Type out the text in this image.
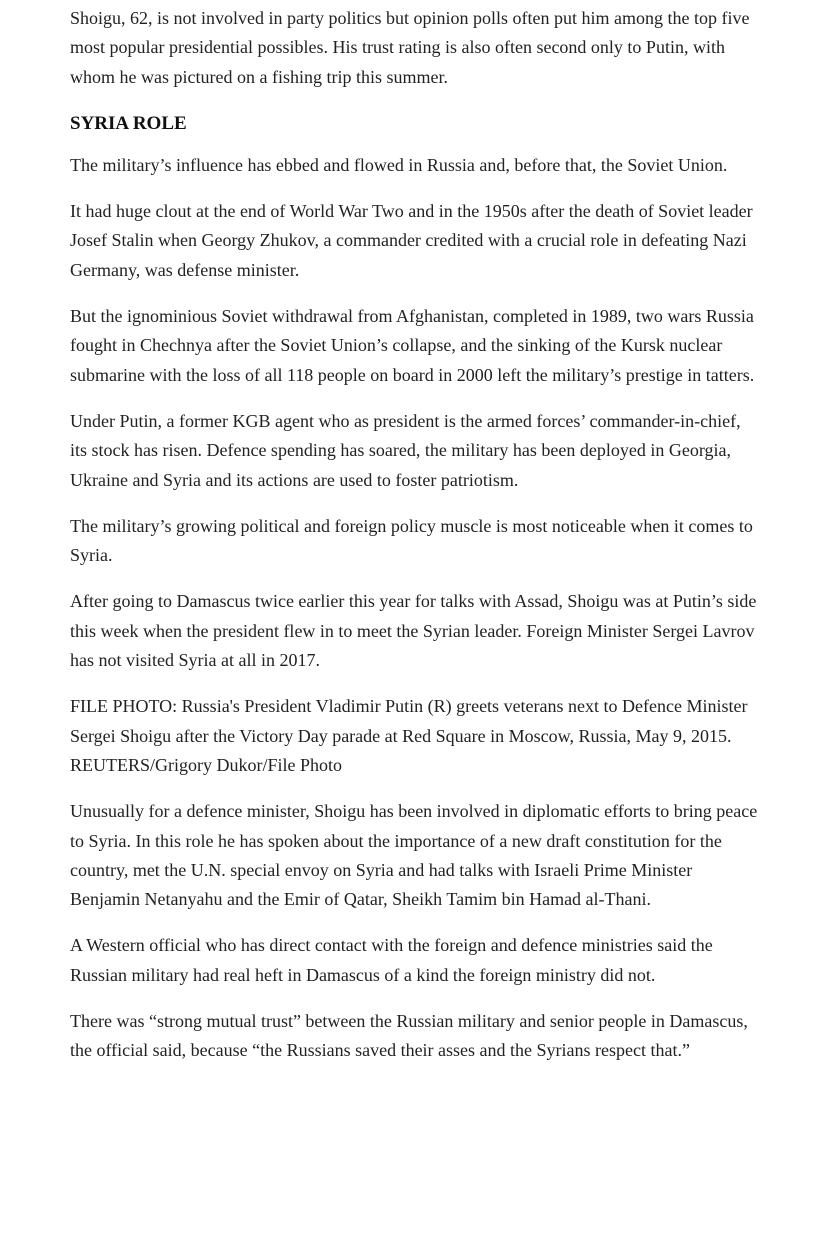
Shoigu, 62, is not involved in party politics but opinion polls often put him among the top five most popular presidential possibles. His trust rating is also often second only to Putin, with whom he was pictured on a fishing trip this summer.

SYRIA ROLE

The military’s influence has ebbed and flowed in Russia and, before that, the Soviet Union.

It had huge clout at the end of World War Two and in the 1950s after the death of Soviet leader Josef Stalin when Georgy Zhukov, a commander credited with a crucial role in defeating Nazi Germany, was defense minister.

But the ignominious Soviet withdrawal from Afghanistan, completed in 1989, two wars Russia fought in Chechnya after the Soviet Union’s collapse, and the sinking of the Kursk nuclear submarine with the loss of all 118 people on board in 2000 left the military’s prestige in tatters.

Under Putin, a former KGB agent who as president is the armed forces’ commander-in-chief, its stock has risen. Defence spending has soared, the military has been deployed in Georgia, Ukraine and Syria and its actions are used to foster patriotism.

The military’s growing political and foreign policy muscle is most noticeable when it comes to Syria.

After going to Damascus twice earlier this year for talks with Assad, Shoigu was at Putin’s side this week when the president flew in to meet the Syrian leader. Foreign Minister Sergei Lavrov has not visited Syria at all in 2017.

FILE PHOTO: Russia's President Vladimir Putin (R) greets veterans next to Defence Minister Sergei Shoigu after the Victory Day parade at Red Square in Moscow, Russia, May 9, 2015. REUTERS/Grigory Dukor/File Photo

Unusually for a defence minister, Shoigu has been involved in diplomatic efforts to bring peace to Syria. In this role he has spoken about the importance of a new draft constitution for the country, met the U.N. special envoy on Syria and had talks with Israeli Prime Minister Benjamin Netanyahu and the Emir of Qatar, Sheikh Tamim bin Hamad al-Thani.

A Western official who has direct contact with the foreign and defence ministries said the Russian military had real heft in Damascus of a kind the foreign ministry did not.

There was “strong mutual trust” between the Russian military and senior people in Damascus, the official said, because “the Russians saved their asses and the Syrians respect that.”
